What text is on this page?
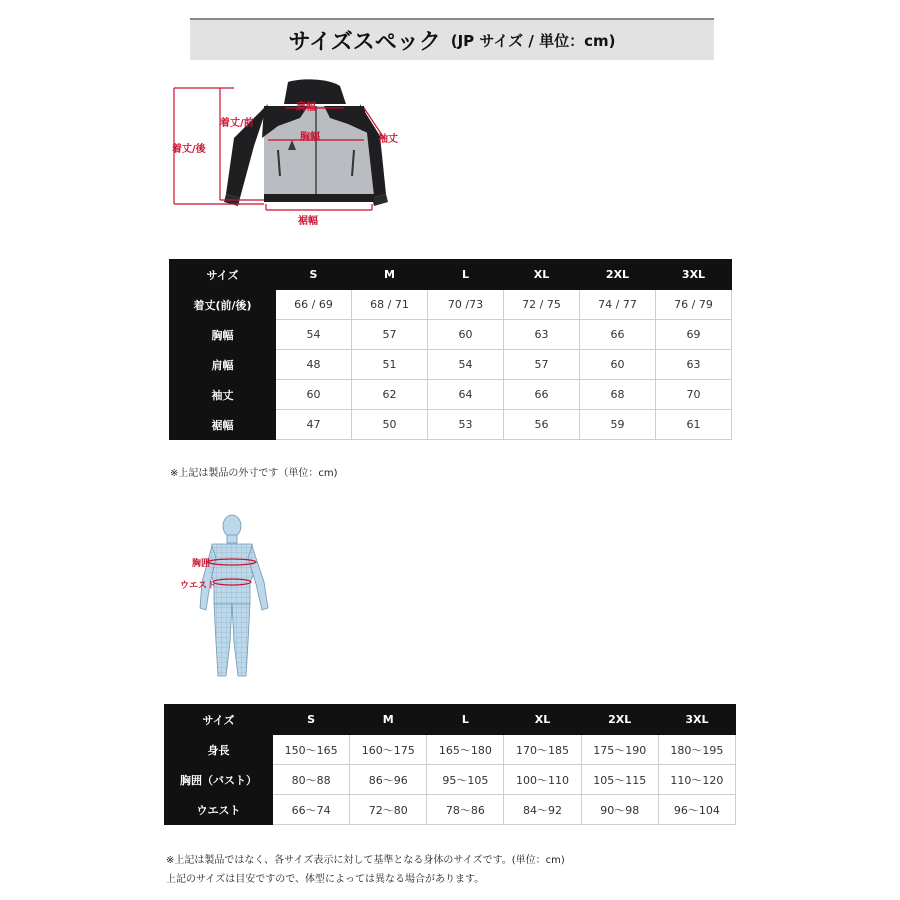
サイズスペック (JP サイズ / 単位：cm)
肩幅
着丈/前
着丈/後
胸幅	袖丈
裾幅
サイズ	S	M	L	XL	2XL	3XL
着丈(前/後)	66 / 69	68 / 71	70 /73	72 / 75	74 / 77	76 / 79
胸幅	54	57	60	63	66	69
肩幅	48	51	54	57	60	63
袖丈	60	62	64	66	68	70
裾幅	47	50	53	56	59	61
※上記は製品の外寸です（単位：cm)
胸囲
ウエスト
サイズ	S	M	L	XL	2XL	3XL
身長	150〜165	160〜175	165〜180	170〜185	175〜190	180〜195
胸囲（バスト）	80〜88	86〜96	95〜105	100〜110	105〜115	110〜120
ウエスト	66〜74	72〜80	78〜86	84〜92	90〜98	96〜104
※上記は製品ではなく、各サイズ表示に対して基準となる身体のサイズです。(単位：cm)
上記のサイズは目安ですので、体型によっては異なる場合があります。
